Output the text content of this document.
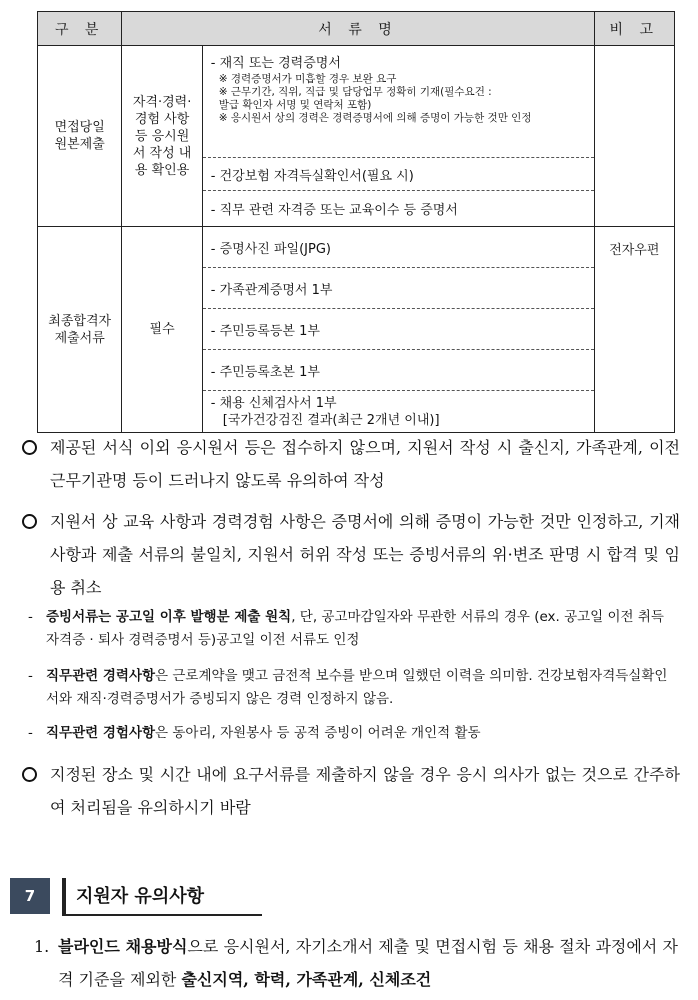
구 분	서 류 명		비 고

면접당일 원본제출	자격·경력·경험 사항 등 응시원서 작성 내용 확인용	- 재직 또는 경력증명서
※ 경력증명서가 미흡할 경우 보완 요구
※ 근무기간, 직위, 직급 및 담당업무 정확히 기재(필수요건 :
발급 확인자 서명 및 연락처 포함)
※ 응시원서 상의 경력은 경력증명서에 의해 증명이 가능한 것만 인정	

		- 건강보험 자격득실확인서(필요 시)	
		- 직무 관련 자격증 또는 교육이수 등 증명서	

최종합격자 제출서류	필수	- 증명사진 파일(JPG)	전자우편
		- 가족관계증명서 1부	
		- 주민등록등본 1부	
		- 주민등록초본 1부	

		- 채용 신체검사서 1부
[국가건강검진 결과(최근 2개년 이내)]	
제공된 서식 이외 응시원서 등은 접수하지 않으며, 지원서 작성 시 출신지, 가족관계, 이전 근무기관명 등이 드러나지 않도록 유의하여 작성
지원서 상 교육 사항과 경력경험 사항은 증명서에 의해 증명이 가능한 것만 인정하고, 기재사항과 제출 서류의 불일치, 지원서 허위 작성 또는 증빙서류의 위·변조 판명 시 합격 및 임용 취소
- 증빙서류는 공고일 이후 발행분 제출 원칙, 단, 공고마감일자와 무관한 서류의 경우 (ex. 공고일 이전 취득 자격증 · 퇴사 경력증명서 등)공고일 이전 서류도 인정
- 직무관련 경력사항은 근로계약을 맺고 금전적 보수를 받으며 일했던 이력을 의미함. 건강보험자격득실확인서와 재직·경력증명서가 증빙되지 않은 경력 인정하지 않음.
- 직무관련 경험사항은 동아리, 자원봉사 등 공적 증빙이 어려운 개인적 활동
지정된 장소 및 시간 내에 요구서류를 제출하지 않을 경우 응시 의사가 없는 것으로 간주하여 처리됨을 유의하시기 바람
7	지원자 유의사항
1. 블라인드 채용방식으로 응시원서, 자기소개서 제출 및 면접시험 등 채용 절차 과정에서 자격 기준을 제외한 출신지역, 학력, 가족관계, 신체조건
